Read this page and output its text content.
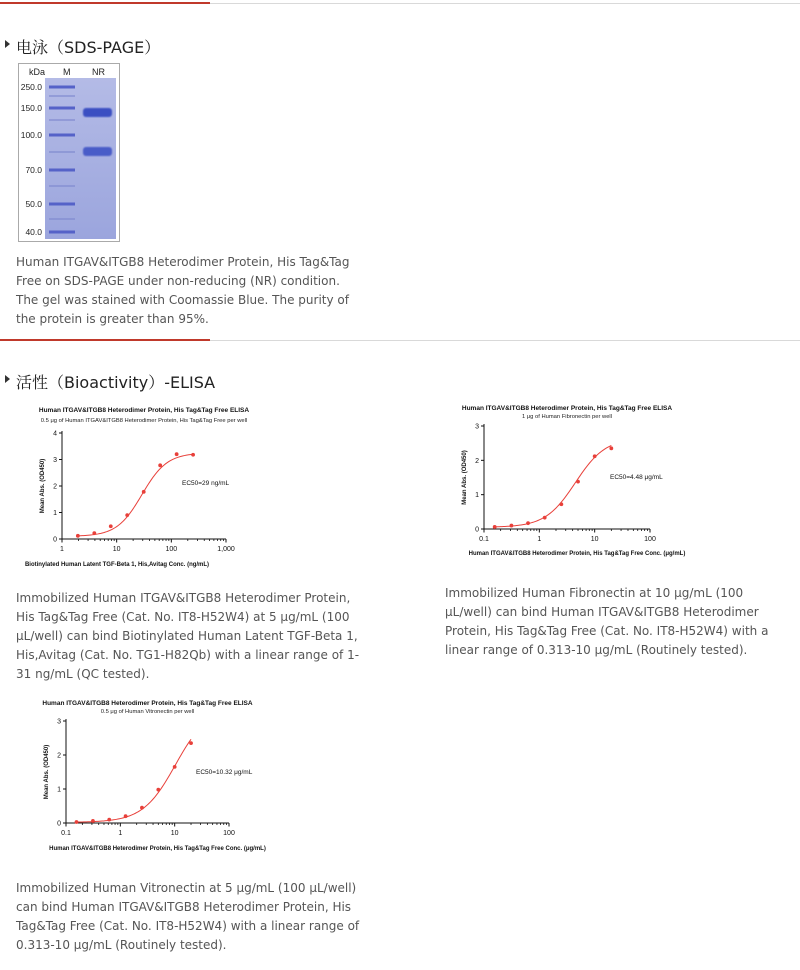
电泳（SDS-PAGE）
kDa M NR
250.0
150.0
100.0
70.0
50.0
40.0
Human ITGAV&ITGB8 Heterodimer Protein, His Tag&Tag Free on SDS-PAGE under non-reducing (NR) condition. The gel was stained with Coomassie Blue. The purity of the protein is greater than 95%.
活性（Bioactivity）-ELISA
Human ITGAV&ITGB8 Heterodimer Protein, His Tag&Tag Free ELISA
0.5 μg of Human ITGAV&ITGB8 Heterodimer Protein, His Tag&Tag Free per well
0
1
2
3
4
1	10	100	1,000
Biotinylated Human Latent TGF-Beta 1, His,Avitag Conc. (ng/mL)
Mean Abs. (OD450)	EC50=29 ng/mL
Immobilized Human ITGAV&ITGB8 Heterodimer Protein, His Tag&Tag Free (Cat. No. IT8-H52W4) at 5 μg/mL (100 μL/well) can bind Biotinylated Human Latent TGF-Beta 1, His,Avitag (Cat. No. TG1-H82Qb) with a linear range of 1-31 ng/mL (QC tested).
Human ITGAV&ITGB8 Heterodimer Protein, His Tag&Tag Free ELISA
1 μg of Human Fibronectin per well
0
1
2
3
0.1	1	10	100
Human ITGAV&ITGB8 Heterodimer Protein, His Tag&Tag Free Conc. (μg/mL)
Mean Abs. (OD450)	EC50=4.48 μg/mL
Immobilized Human Fibronectin at 10 μg/mL (100 μL/well) can bind Human ITGAV&ITGB8 Heterodimer Protein, His Tag&Tag Free (Cat. No. IT8-H52W4) with a linear range of 0.313-10 μg/mL (Routinely tested).
Human ITGAV&ITGB8 Heterodimer Protein, His Tag&Tag Free ELISA
0.5 μg of Human Vitronectin per well
0
1
2
3
0.1	1	10	100
Human ITGAV&ITGB8 Heterodimer Protein, His Tag&Tag Free Conc. (μg/mL)
Mean Abs. (OD450)	EC50=10.32 μg/mL
Immobilized Human Vitronectin at 5 μg/mL (100 μL/well) can bind Human ITGAV&ITGB8 Heterodimer Protein, His Tag&Tag Free (Cat. No. IT8-H52W4) with a linear range of 0.313-10 μg/mL (Routinely tested).
